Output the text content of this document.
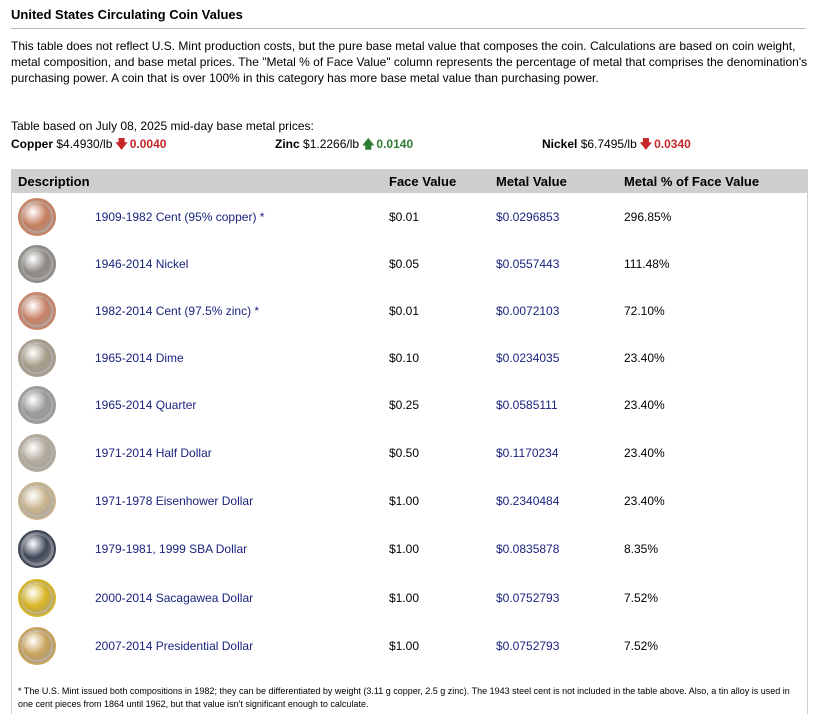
United States Circulating Coin Values
This table does not reflect U.S. Mint production costs, but the pure base metal value that composes the coin. Calculations are based on coin weight, metal composition, and base metal prices. The "Metal % of Face Value" column represents the percentage of metal that comprises the denomination's purchasing power. A coin that is over 100% in this category has more base metal value than purchasing power.
Table based on July 08, 2025 mid-day base metal prices:
Copper $4.4930/lb 🡇 0.0040	Zinc $1.2266/lb 🡅 0.0140	Nickel $6.7495/lb 🡇 0.0340
Description	Face Value	Metal Value	Metal % of Face Value
1909-1982 Cent (95% copper) *	$0.01	$0.0296853	296.85%
1946-2014 Nickel	$0.05	$0.0557443	111.48%
1982-2014 Cent (97.5% zinc) *	$0.01	$0.0072103	72.10%
1965-2014 Dime	$0.10	$0.0234035	23.40%
1965-2014 Quarter	$0.25	$0.0585111	23.40%
1971-2014 Half Dollar	$0.50	$0.1170234	23.40%
1971-1978 Eisenhower Dollar	$1.00	$0.2340484	23.40%
1979-1981, 1999 SBA Dollar	$1.00	$0.0835878	8.35%
2000-2014 Sacagawea Dollar	$1.00	$0.0752793	7.52%
2007-2014 Presidential Dollar	$1.00	$0.0752793	7.52%
* The U.S. Mint issued both compositions in 1982; they can be differentiated by weight (3.11 g copper, 2.5 g zinc). The 1943 steel cent is not included in the table above. Also, a tin alloy is used in one cent pieces from 1864 until 1962, but that value isn't significant enough to calculate.
